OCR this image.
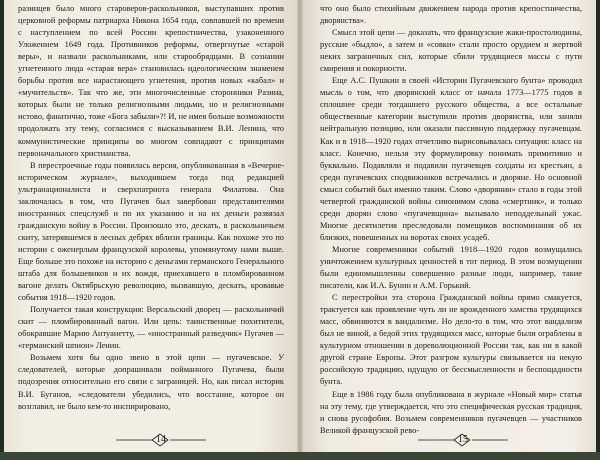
разинцев было много староверов-раскольников, выступавших против церковной реформы патриарха Никона 1654 года, совпавшей по времени с наступлением по всей России крепостничества, узаконенного Уложением 1649 года. Противников реформы, отвергнутые «старой веры», и назвали раскольниками, или старообрядцами. В сознании угнетенного люда «старая вера» становилась идеологическим знаменем борьбы против все нарастающего угнетения, против новых «кабал» и «мучительств». Так что же, эти многочисленные сторонники Разина, которых были не только религиозными людьми, но и религиозными истово, фанатично, тоже «Богa забыли»?! И, не имея больше возможности продолжать эту тему, согласимся с высказыванием В.И. Ленина, что коммунистические принципы во многом совпадают с принципами первоначального христианства.

В перестроечные годы появилась версия, опубликованная в «Вечерне-историческом журнале», выходившем тогда под редакцией ультранационалиста и сверхпатриота генерала Филатова. Она заключалась в том, что Пугачев был завербован представителями иностранных спецслужб и по их указанию и на их деньги развязал гражданскую войну в России. Произошло это, дескать, в раскольничьем скиту, затерявшемся в лесных дебрях вблизи границы. Как похоже это по истории с оженерлым французской королевы, упомянутому нами выше. Еще больше это похоже на историю с деньгами германского Генерального штаба для большевиков и их вождя, приехавшего в пломбированном вагоне делать Октябрьскую революцию, вызвавшую, дескать, кровавые события 1918—1920 годов.

Получается такая конструкция: Версальский дворец — раскольничий скит — пломбированный вагон. Или цепь: таинственные похитители, обокравшие Марию Антуанетту, — «иностранный разведчик» Пугачев — «германский шпион» Ленин.

Возьмем хотя бы одно звено в этой цепи — пугачевское. У следователей, которые допрашивали пойманного Пугачева, были подозрения относительно его связи с заграницей. Но, как писал историк В.И. Буганов, «следователи убедились, что восстание, которое он возглавил, не было кем-то инспирировано,

14

что оно было стихийным движением народа против крепостничества, дворянства».

Смысл этой цепи — доказать, что французские жаки-простолюдины, русские «быдло», а затем и «совки» стали просто орудием и жертвой неких заграничных сил, которые сбили трудящиеся массы с пути смирения и покорности.

Еще А.С. Пушкин в своей «Истории Пугачевского бунта» проводил мысль о том, что дворянский класс от начала 1773—1775 годов в сплошнее среди тогдашнего русского общества, а все остальные общественные категории выступили против дворянства, или заняли нейтральную позицию, или оказали пассивную поддержку пугачевцам. Как и в 1918—1920 годах отчетливо вырисовывалась ситуация: класс на класс. Конечно, нельзя эту формулировку понимать примитивно и буквально. Подавляли и подавили пугачевцев солдаты из крестьян, а среди пугачевских сподвижников встречались и дворяне. Но основной смысл событий был именно таким. Слово «дворянин» стало в годы этой четвертой гражданской войны синонимом слова «смертник», и только среди дворян слово «пугачевщина» вызывало неподдельный ужас. Многие десятилетия преследовали помещиков воспоминания об их близких, повешенных на воротах своих усадеб.

Многие современники событий 1918—1920 годов возмущались уничтожением культурных ценностей в тот период. В этом возмущении были единомышленны совершенно разные люди, например, такие писатели, как И.А. Бунин и А.М. Горький.

С перестройки эта сторона Гражданской войны прямо смакуется, трактуется как проявление чуть ли не врожденного хамства трудящихся масс, обвиняются в вандализме. Но дело-то в том, что этот вандализм был не виной, а бедой этих трудящихся масс, которые были ограблены в культурном отношении в дореволюционной России так, как ни в какой другой стране Европы. Этот разгром культуры связывается на некую российскую традицию, идущую от бессмысленности и беспощадности бунта.

Еще в 1986 году была опубликована в журнале «Новый мир» статья на эту тему, где утверждается, что это специфическая русская традиция, и снова русофобия. Возьмем современников пугачевцев — участников Великой французской рево-

15
